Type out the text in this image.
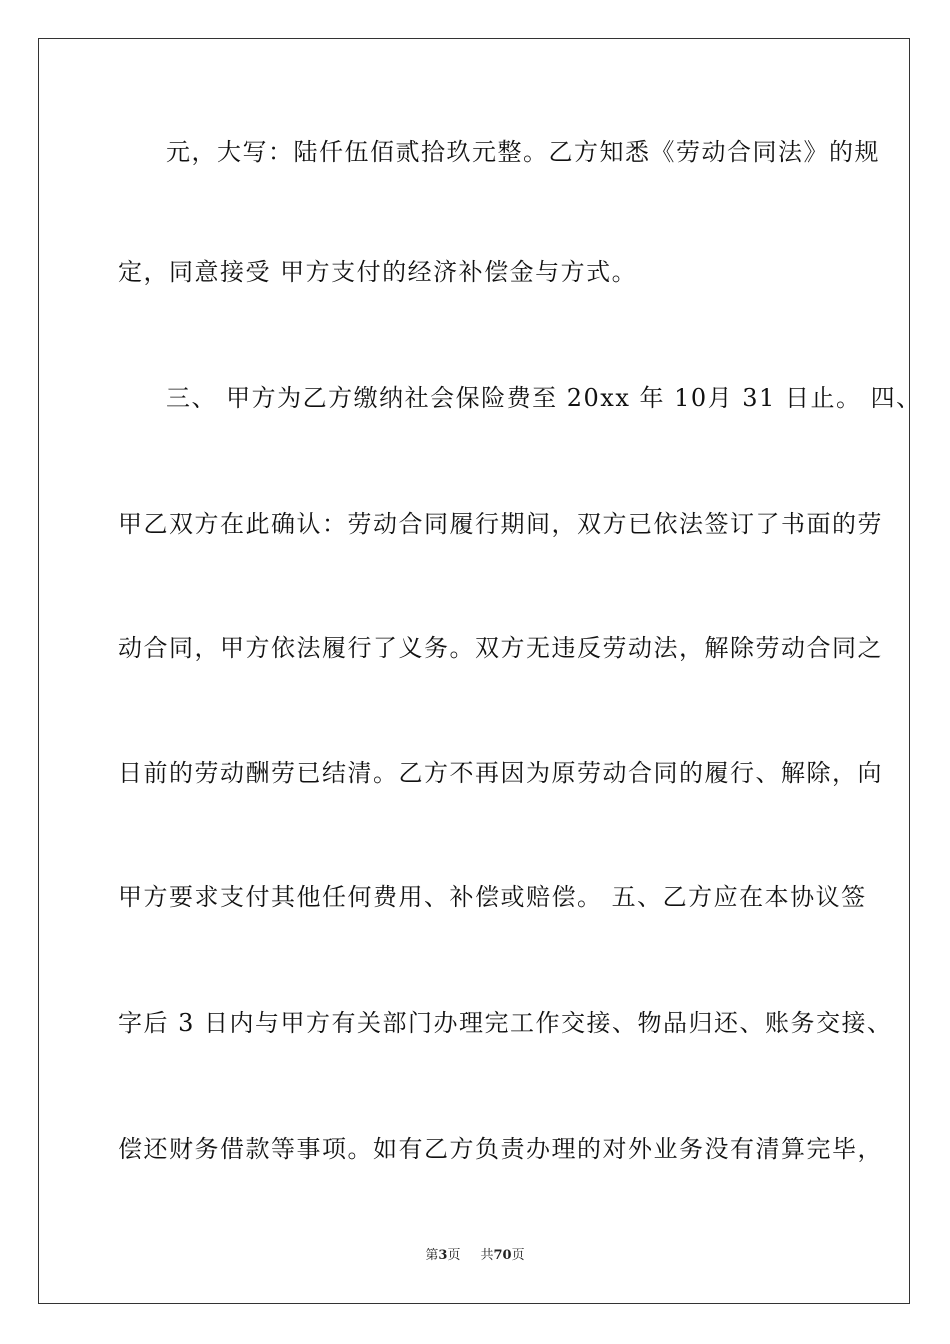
元，大写：陆仟伍佰贰拾玖元整。乙方知悉《劳动合同法》的规
定，同意接受 甲方支付的经济补偿金与方式。
三、 甲方为乙方缴纳社会保险费至 20xx 年 10月 31 日止。 四、
甲乙双方在此确认：劳动合同履行期间，双方已依法签订了书面的劳
动合同，甲方依法履行了义务。双方无违反劳动法，解除劳动合同之
日前的劳动酬劳已结清。乙方不再因为原劳动合同的履行、解除，向
甲方要求支付其他任何费用、补偿或赔偿。 五、乙方应在本协议签
字后 3 日内与甲方有关部门办理完工作交接、物品归还、账务交接、
偿还财务借款等事项。如有乙方负责办理的对外业务没有清算完毕，
第3页 共70页
